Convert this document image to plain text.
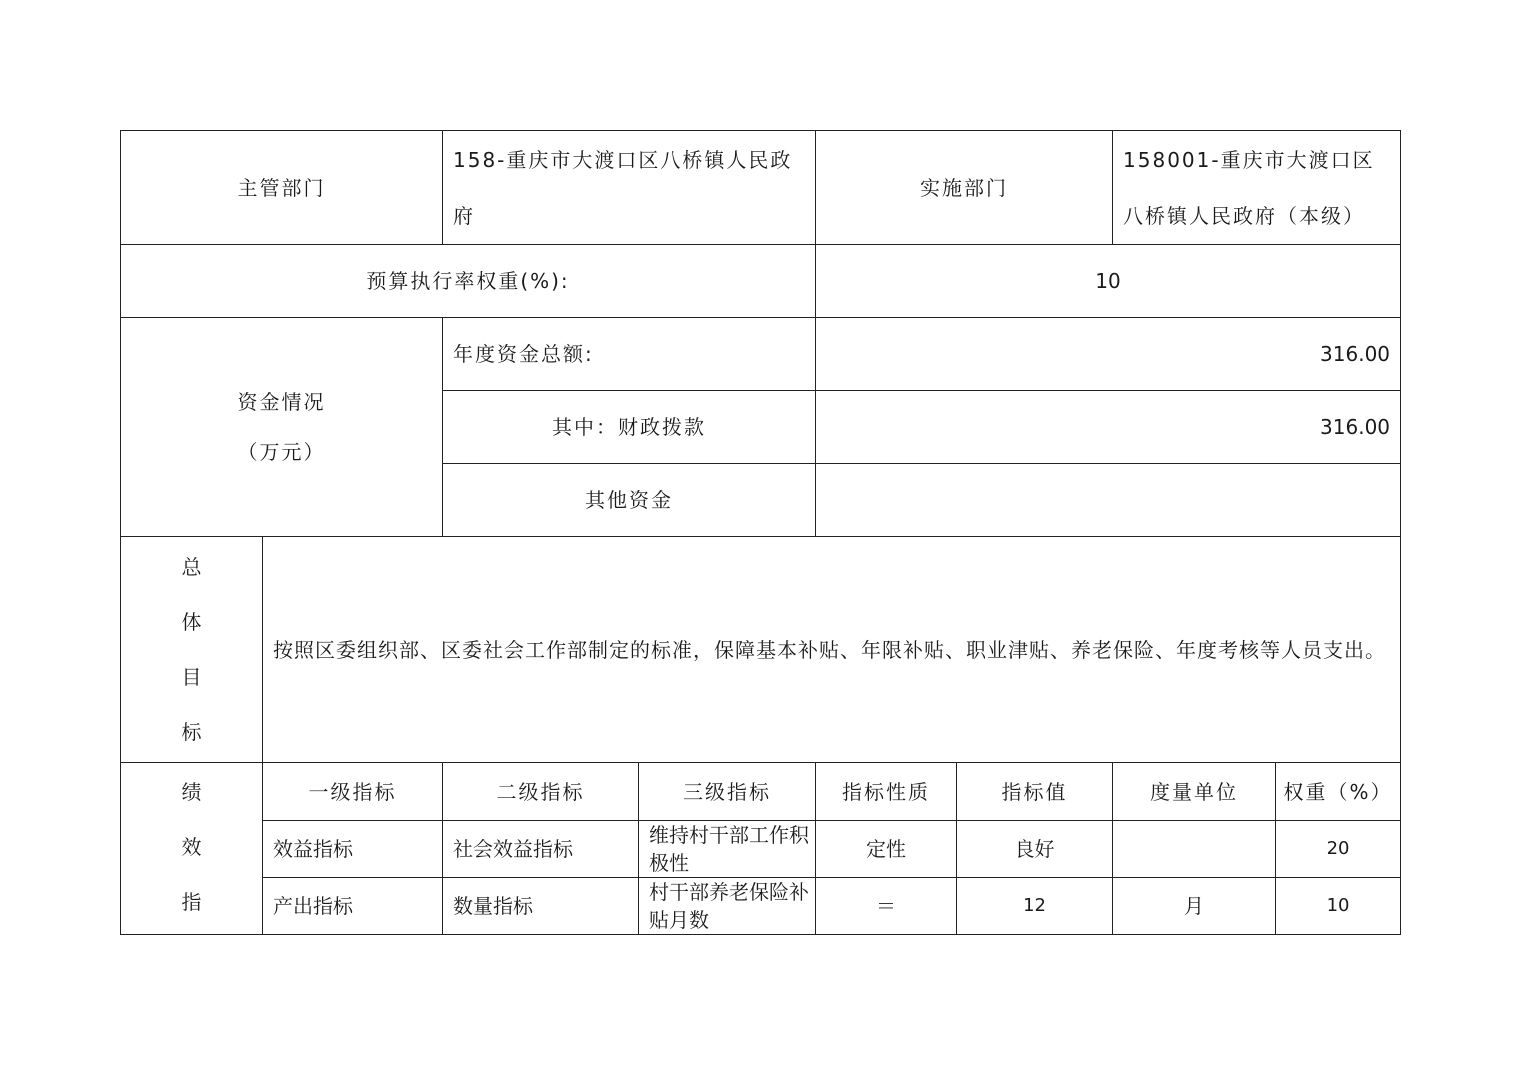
主管部门		158-重庆市大渡口区八桥镇人民政府		实施部门		158001-重庆市大渡口区八桥镇人民政府（本级）	
预算执行率权重(%):				10			

资金情况
（万元）		年度资金总额:		316.00			
		其中：财政拨款		316.00			
		其他资金					

总
体
目
标	按照区委组织部、区委社会工作部制定的标准，保障基本补贴、年限补贴、职业津贴、养老保险、年度考核等人员支出。						

绩
效
指	一级指标	二级指标	三级指标	指标性质	指标值	度量单位	权重（%）
	效益指标	社会效益指标	维持村干部工作积极性	定性	良好		20
	产出指标	数量指标	村干部养老保险补贴月数	＝	12	月	10
